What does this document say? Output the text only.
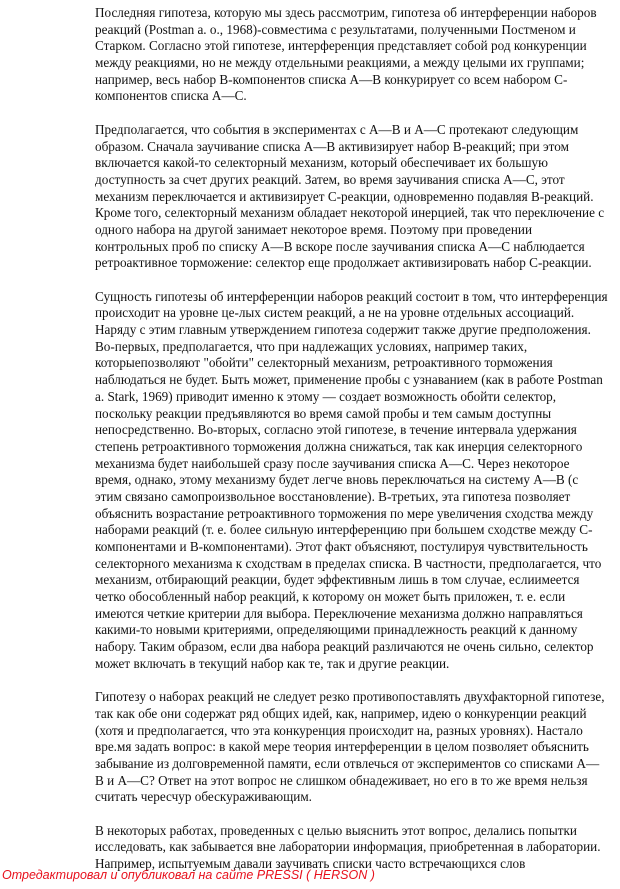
Последняя гипотеза, которую мы здесь рассмотрим, гипотеза об интерференции наборов
реакций (Postman a. o., 1968)-совместима с результатами, полученными Постменом и
Старком. Согласно этой гипотезе, интерференция представляет собой род конкуренции
между реакциями, но не между отдельными реакциями, а между целыми их группами;
например, весь набор В-компонентов списка А—В конкурирует со всем набором С-
компонентов списка А—С.
Предполагается, что события в экспериментах с А—В и А—С протекают следующим
образом. Сначала заучивание списка А—В активизирует набор В-реакций; при этом
включается какой-то селекторный механизм, который обеспечивает их большую
доступность за счет других реакций. Затем, во время заучивания списка А—С, этот
механизм переключается и активизирует С-реакции, одновременно подавляя В-реакций.
Кроме того, селекторный механизм обладает некоторой инерцией, так что переключение с
одного набора на другой занимает некоторое время. Поэтому при проведении
контрольных проб по списку А—В вскоре после заучивания списка А—С наблюдается
ретроактивное торможение: селектор еще продолжает активизировать набор С-реакции.
Сущность гипотезы об интерференции наборов реакций состоит в том, что интерференция
происходит на уровне це-лых систем реакций, а не на уровне отдельных ассоциаций.
Наряду с этим главным утверждением гипотеза содержит также другие предположения.
Во-первых, предполагается, что при надлежащих условиях, например таких,
которыепозволяют "обойти" селекторный механизм, ретроактивного торможения
наблюдаться не будет. Быть может, применение пробы с узнаванием (как в работе Postman
a. Stark, 1969) приводит именно к этому — создает возможность обойти селектор,
поскольку реакции предъявляются во время самой пробы и тем самым доступны
непосредственно. Во-вторых, согласно этой гипотезе, в течение интервала удержания
степень ретроактивного торможения должна снижаться, так как инерция селекторного
механизма будет наибольшей сразу после заучивания списка А—С. Через некоторое
время, однако, этому механизму будет легче вновь переключаться на систему А—В (с
этим связано самопроизвольное восстановление). В-третьих, эта гипотеза позволяет
объяснить возрастание ретроактивного торможения по мере увеличения сходства между
наборами реакций (т. е. более сильную интерференцию при большем сходстве между С-
компонентами и В-компонентами). Этот факт объясняют, постулируя чувствительность
селекторного механизма к сходствам в пределах списка. В частности, предполагается, что
механизм, отбирающий реакции, будет эффективным лишь в том случае, еслиимеется
четко обособленный набор реакций, к которому он может быть приложен, т. е. если
имеются четкие критерии для выбора. Переключение механизма должно направляться
какими-то новыми критериями, определяющими принадлежность реакций к данному
набору. Таким образом, если два набора реакций различаются не очень сильно, селектор
может включать в текущий набор как те, так и другие реакции.
Гипотезу о наборах реакций не следует резко противопоставлять двухфакторной гипотезе,
так как обе они содержат ряд общих идей, как, например, идею о конкуренции реакций
(хотя и предполагается, что эта конкуренция происходит на, разных уровнях). Настало
вре.мя задать вопрос: в какой мере теория интерференции в целом позволяет объяснить
забывание из долговременной памяти, если отвлечься от экспериментов со списками А—
В и А—С? Ответ на этот вопрос не слишком обнадеживает, но его в то же время нельзя
считать чересчур обескураживающим.
В некоторых работах, проведенных с целью выяснить этот вопрос, делались попытки
исследовать, как забывается вне лаборатории информация, приобретенная в лаборатории.
Например, испытуемым давали заучивать списки часто встречающихся слов
Отредактировал и опубликовал на сайте PRESSI ( HERSON )
